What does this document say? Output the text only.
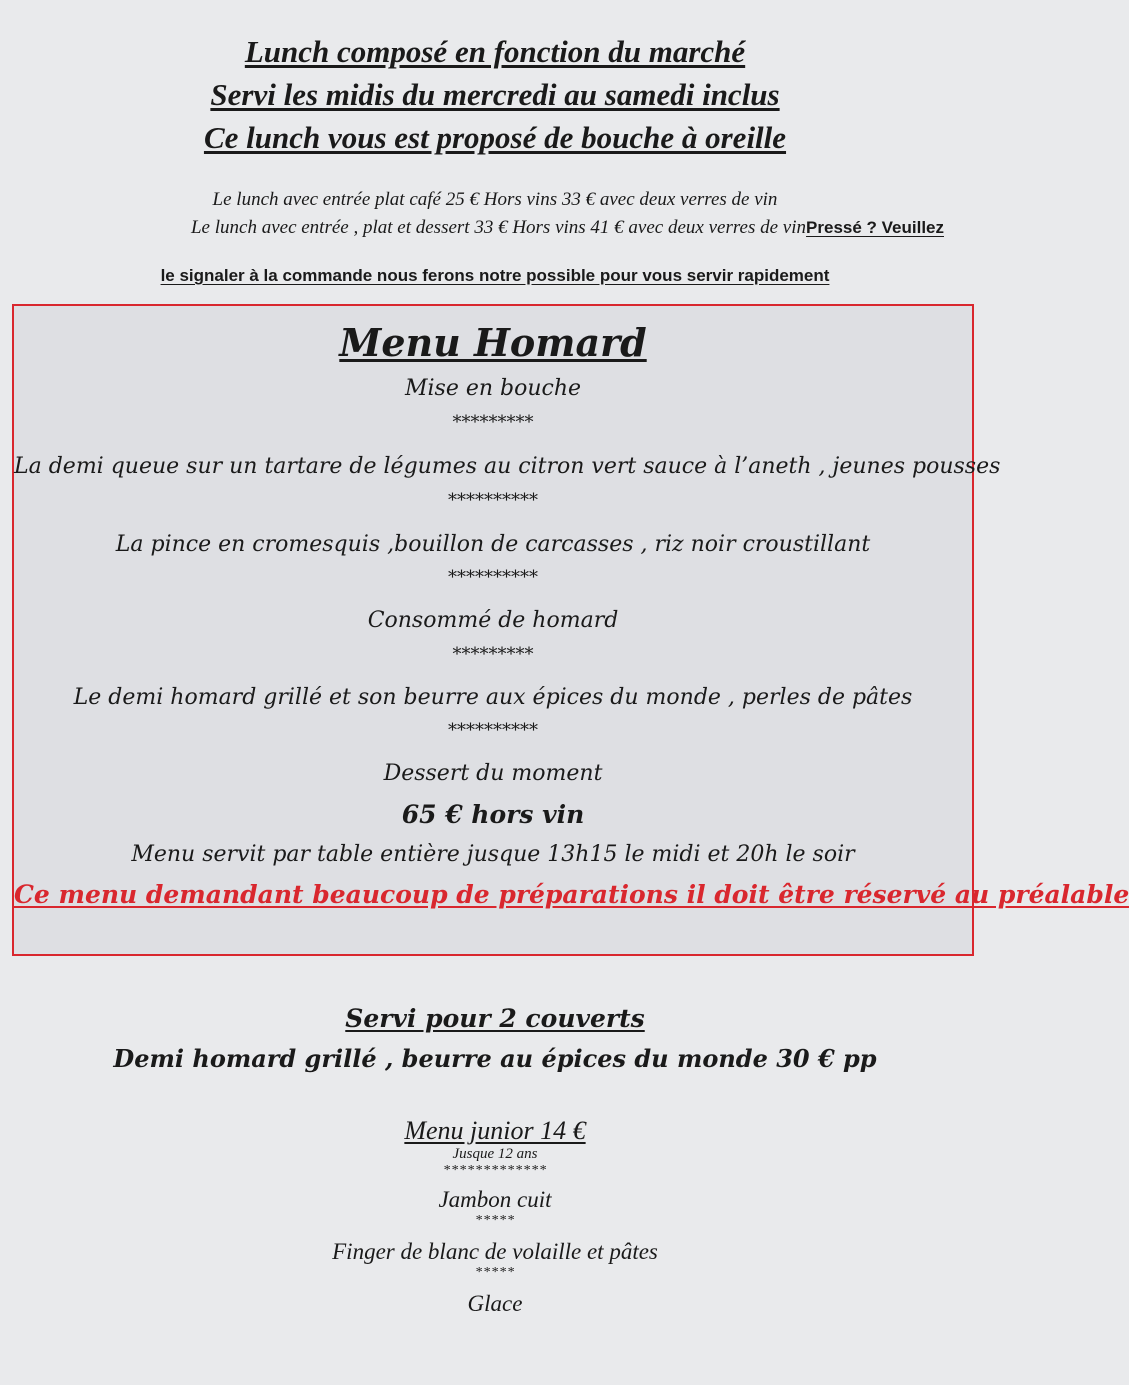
Lunch composé en fonction du marché
Servi les midis du mercredi au samedi inclus
Ce lunch vous est proposé de bouche à oreille
Le lunch avec entrée plat café 25 € Hors vins 33 € avec deux verres de vin
Le lunch avec entrée , plat et dessert 33 € Hors vins 41 € avec deux verres de vinPressé ? Veuillez
le signaler à la commande nous ferons notre possible pour vous servir rapidement
Menu Homard
Mise en bouche
*********
La demi queue sur un tartare de légumes au citron vert sauce à l’aneth , jeunes pousses
**********
La pince en cromesquis ,bouillon de carcasses , riz noir croustillant
**********
Consommé de homard
*********
Le demi homard grillé et son beurre aux épices du monde , perles de pâtes
**********
Dessert du moment
65 € hors vin
Menu servit par table entière jusque 13h15 le midi et 20h le soir
Ce menu demandant beaucoup de préparations il doit être réservé au préalable
Servi pour 2 couverts
Demi homard grillé , beurre au épices du monde 30 € pp
Menu junior 14 €
Jusque 12 ans
*************
Jambon cuit
*****
Finger de blanc de volaille et pâtes
*****
Glace
